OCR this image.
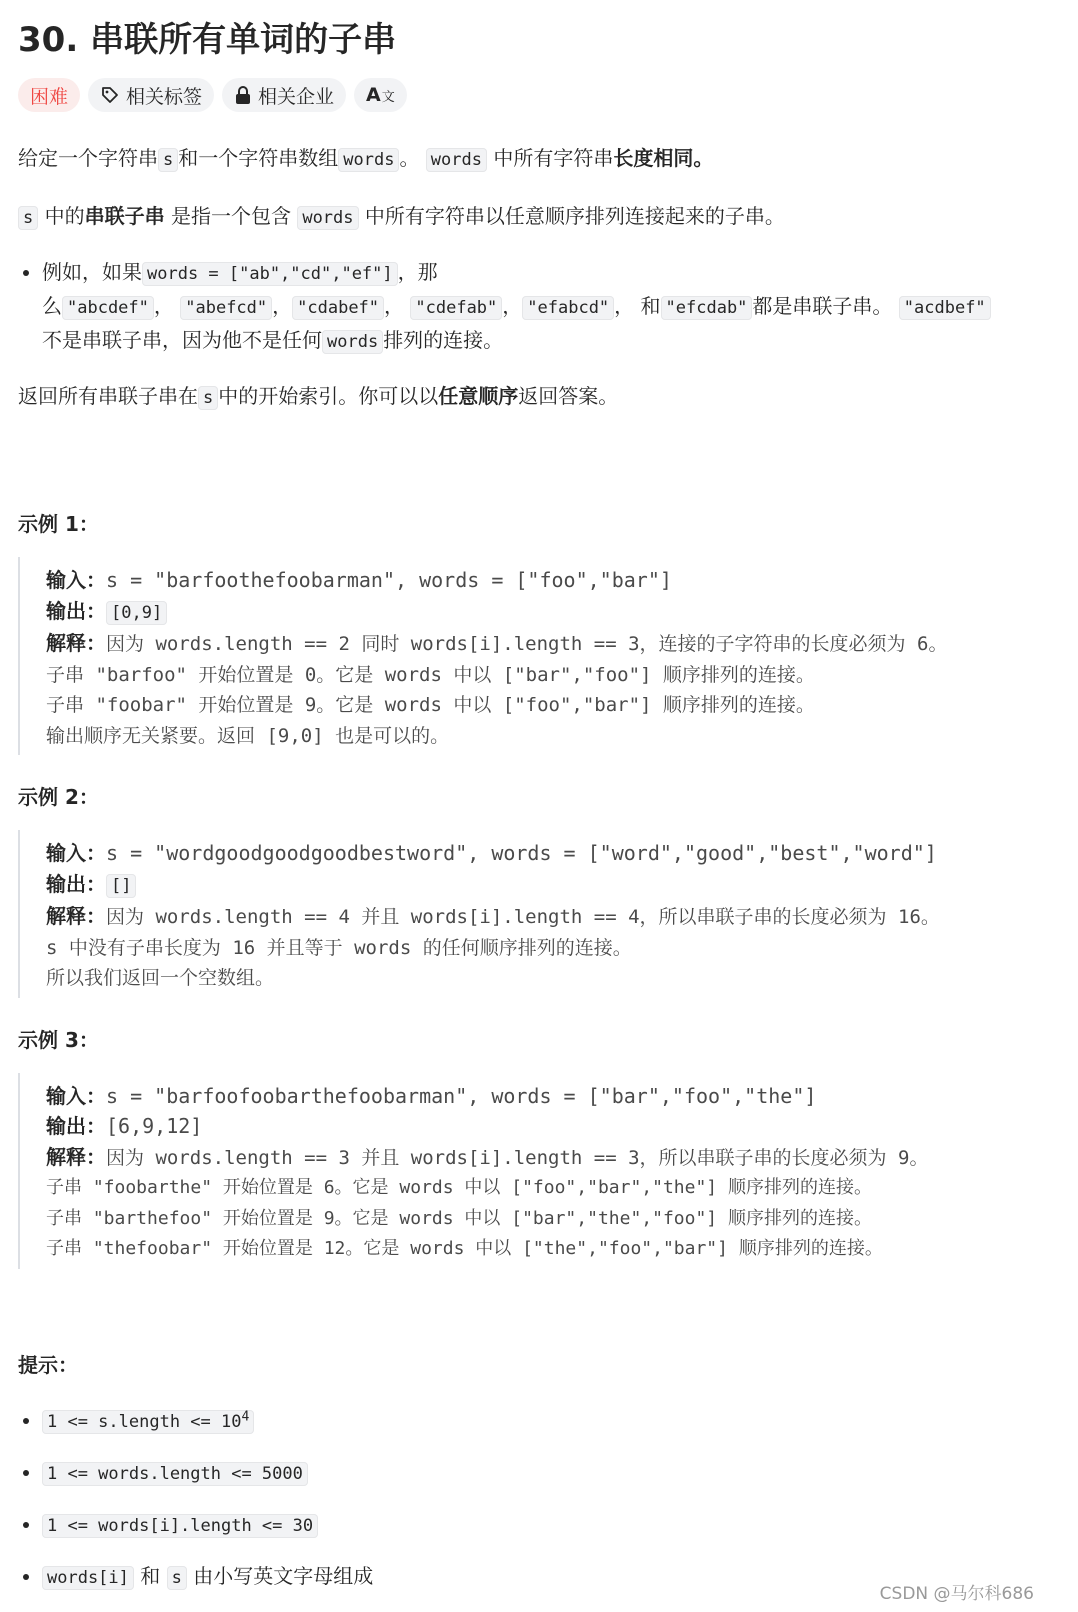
30. 串联所有单词的子串
困难	相关标签	相关企业 A 文

给定一个字符串 s 和一个字符串数组 words 。 words 中所有字符串长度相同。

s 中的串联子串 是指一个包含 words 中所有字符串以任意顺序排列连接起来的子串。

• 例如，如果 words = ["ab","cd","ef"] ，那
么 "abcdef" ， "abefcd" ， "cdabef" ， "cdefab" ， "efabcd" ， 和 "efcdab" 都是串联子串。 "acdbef"
不是串联子串，因为他不是任何 words 排列的连接。

返回所有串联子串在 s 中的开始索引。你可以以任意顺序返回答案。

示例 1：

输入：s = "barfoothefoobarman", words = ["foo","bar"]
输出： [0,9]
解释：因为 words.length == 2 同时 words[i].length == 3，连接的子字符串的长度必须为 6。
子串 "barfoo" 开始位置是 0。它是 words 中以 ["bar","foo"] 顺序排列的连接。
子串 "foobar" 开始位置是 9。它是 words 中以 ["foo","bar"] 顺序排列的连接。
输出顺序无关紧要。返回 [9,0] 也是可以的。

示例 2：

输入：s = "wordgoodgoodgoodbestword", words = ["word","good","best","word"]
输出： []
解释：因为 words.length == 4 并且 words[i].length == 4，所以串联子串的长度必须为 16。
s 中没有子串长度为 16 并且等于 words 的任何顺序排列的连接。
所以我们返回一个空数组。

示例 3：

输入：s = "barfoofoobarthefoobarman", words = ["bar","foo","the"]
输出：[6,9,12]
解释：因为 words.length == 3 并且 words[i].length == 3，所以串联子串的长度必须为 9。
子串 "foobarthe" 开始位置是 6。它是 words 中以 ["foo","bar","the"] 顺序排列的连接。
子串 "barthefoo" 开始位置是 9。它是 words 中以 ["bar","the","foo"] 顺序排列的连接。
子串 "thefoobar" 开始位置是 12。它是 words 中以 ["the","foo","bar"] 顺序排列的连接。

提示：

• 1 <= s.length <= $10^4$
• 1 <= words.length <= 5000
• 1 <= words[i].length <= 30
• words[i] 和 s 由小写英文字母组成
CSDN @马尔科686
